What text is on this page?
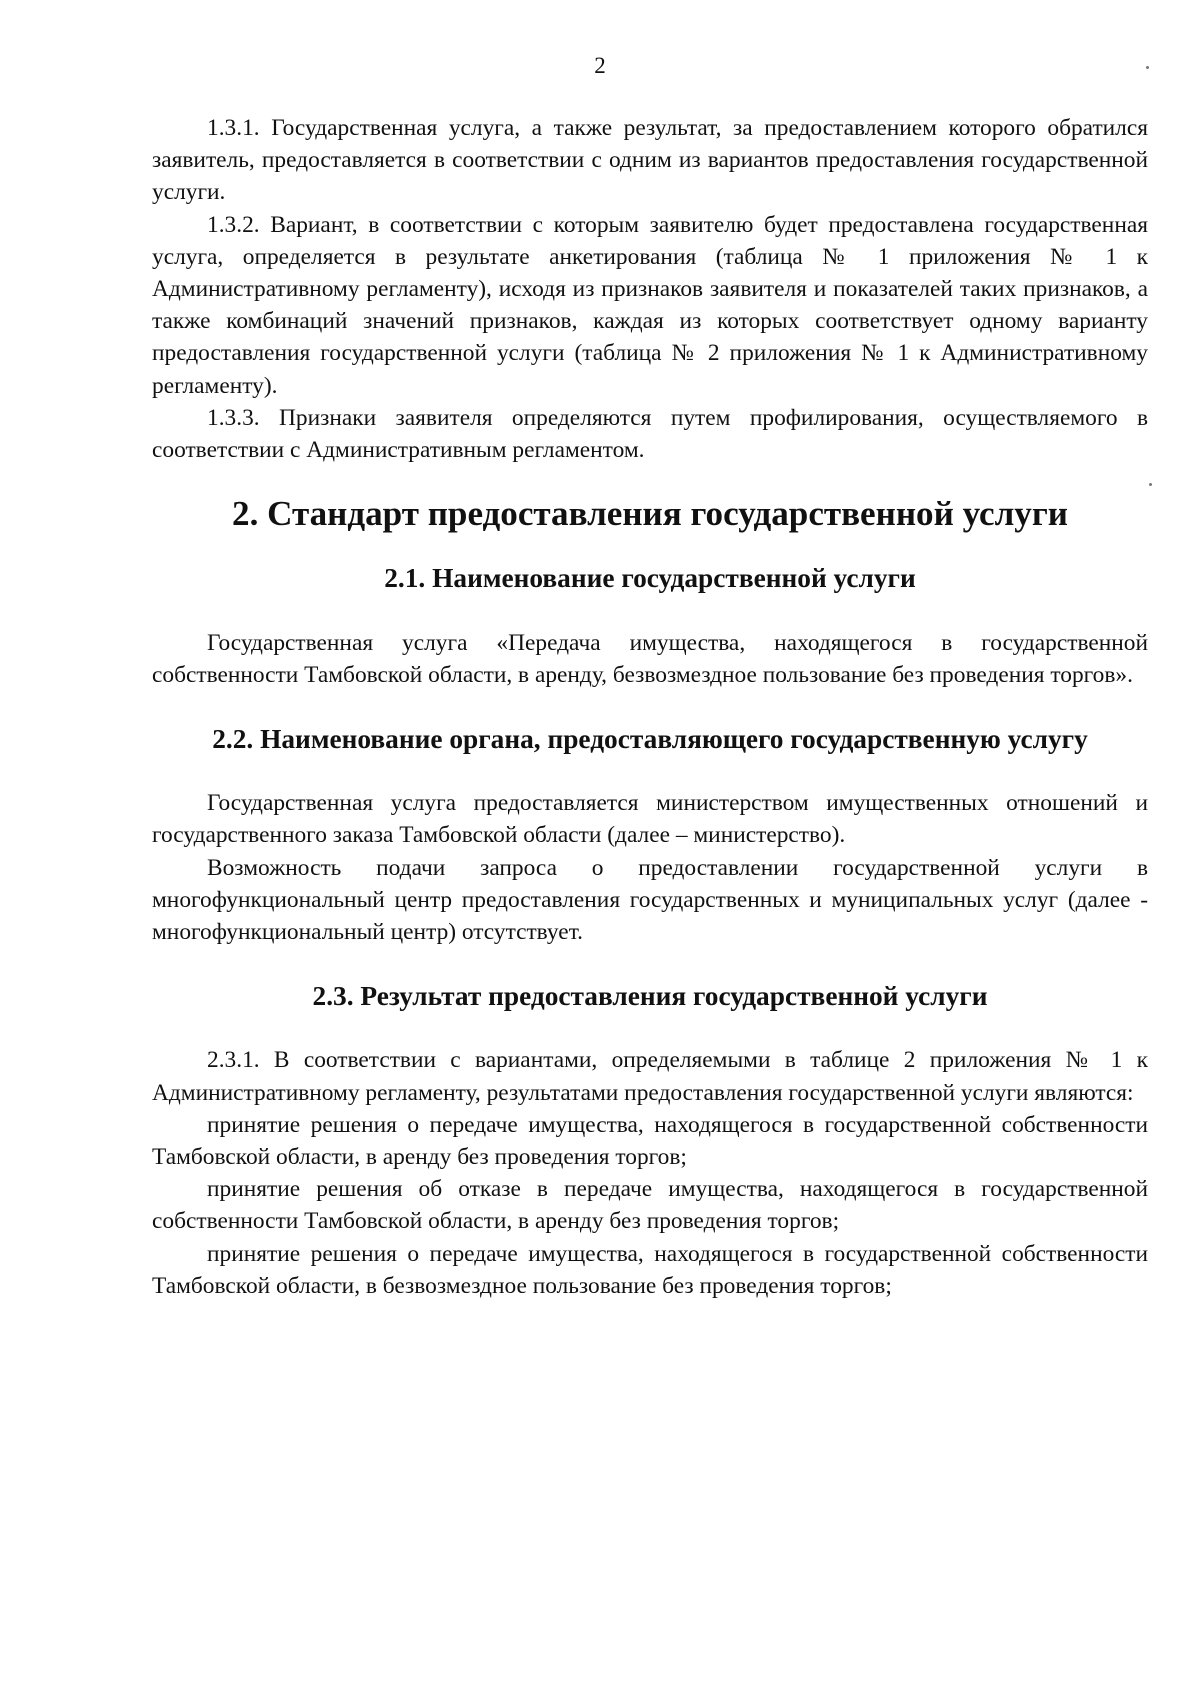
2

1.3.1. Государственная услуга, а также результат, за предоставлением которого обратился заявитель, предоставляется в соответствии с одним из вариантов предоставления государственной услуги.

1.3.2. Вариант, в соответствии с которым заявителю будет предоставлена государственная услуга, определяется в результате анкетирования (таблица № 1 приложения № 1 к Административному регламенту), исходя из признаков заявителя и показателей таких признаков, а также комбинаций значений признаков, каждая из которых соответствует одному варианту предоставления государственной услуги (таблица № 2 приложения № 1 к Административному регламенту).

1.3.3. Признаки заявителя определяются путем профилирования, осуществляемого в соответствии с Административным регламентом.

2. Стандарт предоставления государственной услуги
2.1. Наименование государственной услуги

Государственная услуга «Передача имущества, находящегося в государственной собственности Тамбовской области, в аренду, безвозмездное пользование без проведения торгов».

2.2. Наименование органа, предоставляющего государственную услугу

Государственная услуга предоставляется министерством имущественных отношений и государственного заказа Тамбовской области (далее – министерство).

Возможность подачи запроса о предоставлении государственной услуги в многофункциональный центр предоставления государственных и муниципальных услуг (далее - многофункциональный центр) отсутствует.

2.3. Результат предоставления государственной услуги

2.3.1. В соответствии с вариантами, определяемыми в таблице 2 приложения № 1 к Административному регламенту, результатами предоставления государственной услуги являются:

принятие решения о передаче имущества, находящегося в государственной собственности Тамбовской области, в аренду без проведения торгов;

принятие решения об отказе в передаче имущества, находящегося в государственной собственности Тамбовской области, в аренду без проведения торгов;

принятие решения о передаче имущества, находящегося в государственной собственности Тамбовской области, в безвозмездное пользование без проведения торгов;
